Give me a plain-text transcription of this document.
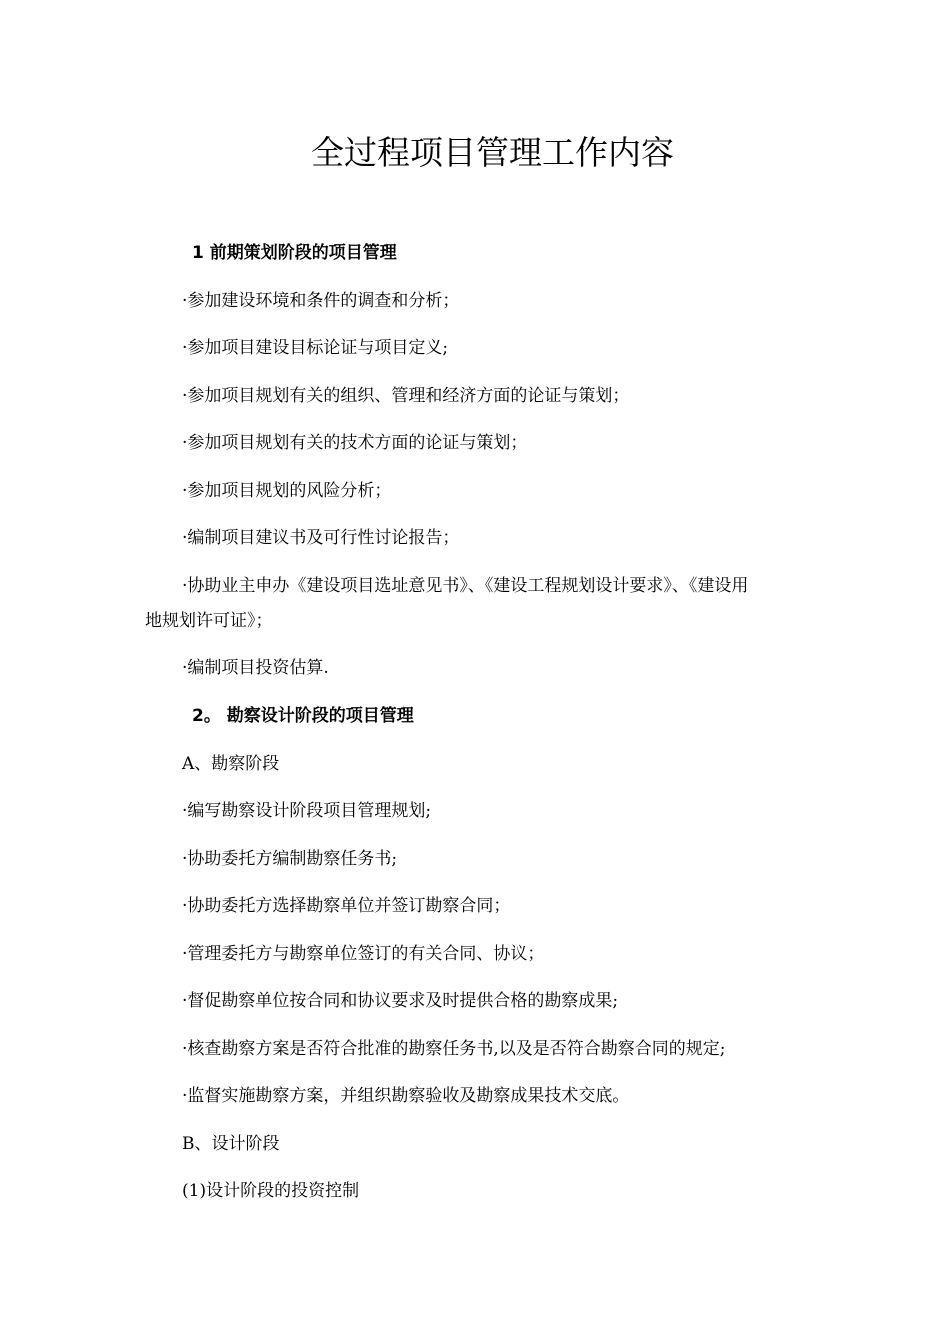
全过程项目管理工作内容
1 前期策划阶段的项目管理
·参加建设环境和条件的调查和分析；
·参加项目建设目标论证与项目定义;
·参加项目规划有关的组织、管理和经济方面的论证与策划；
·参加项目规划有关的技术方面的论证与策划；
·参加项目规划的风险分析；
·编制项目建议书及可行性讨论报告；
·协助业主申办《建设项目选址意见书》、《建设工程规划设计要求》、《建设用
地规划许可证》；
·编制项目投资估算.
2。 勘察设计阶段的项目管理
A、勘察阶段
·编写勘察设计阶段项目管理规划;
·协助委托方编制勘察任务书;
·协助委托方选择勘察单位并签订勘察合同；
·管理委托方与勘察单位签订的有关合同、协议；
·督促勘察单位按合同和协议要求及时提供合格的勘察成果;
·核查勘察方案是否符合批准的勘察任务书,以及是否符合勘察合同的规定;
·监督实施勘察方案，并组织勘察验收及勘察成果技术交底。
B、设计阶段
(1)设计阶段的投资控制
